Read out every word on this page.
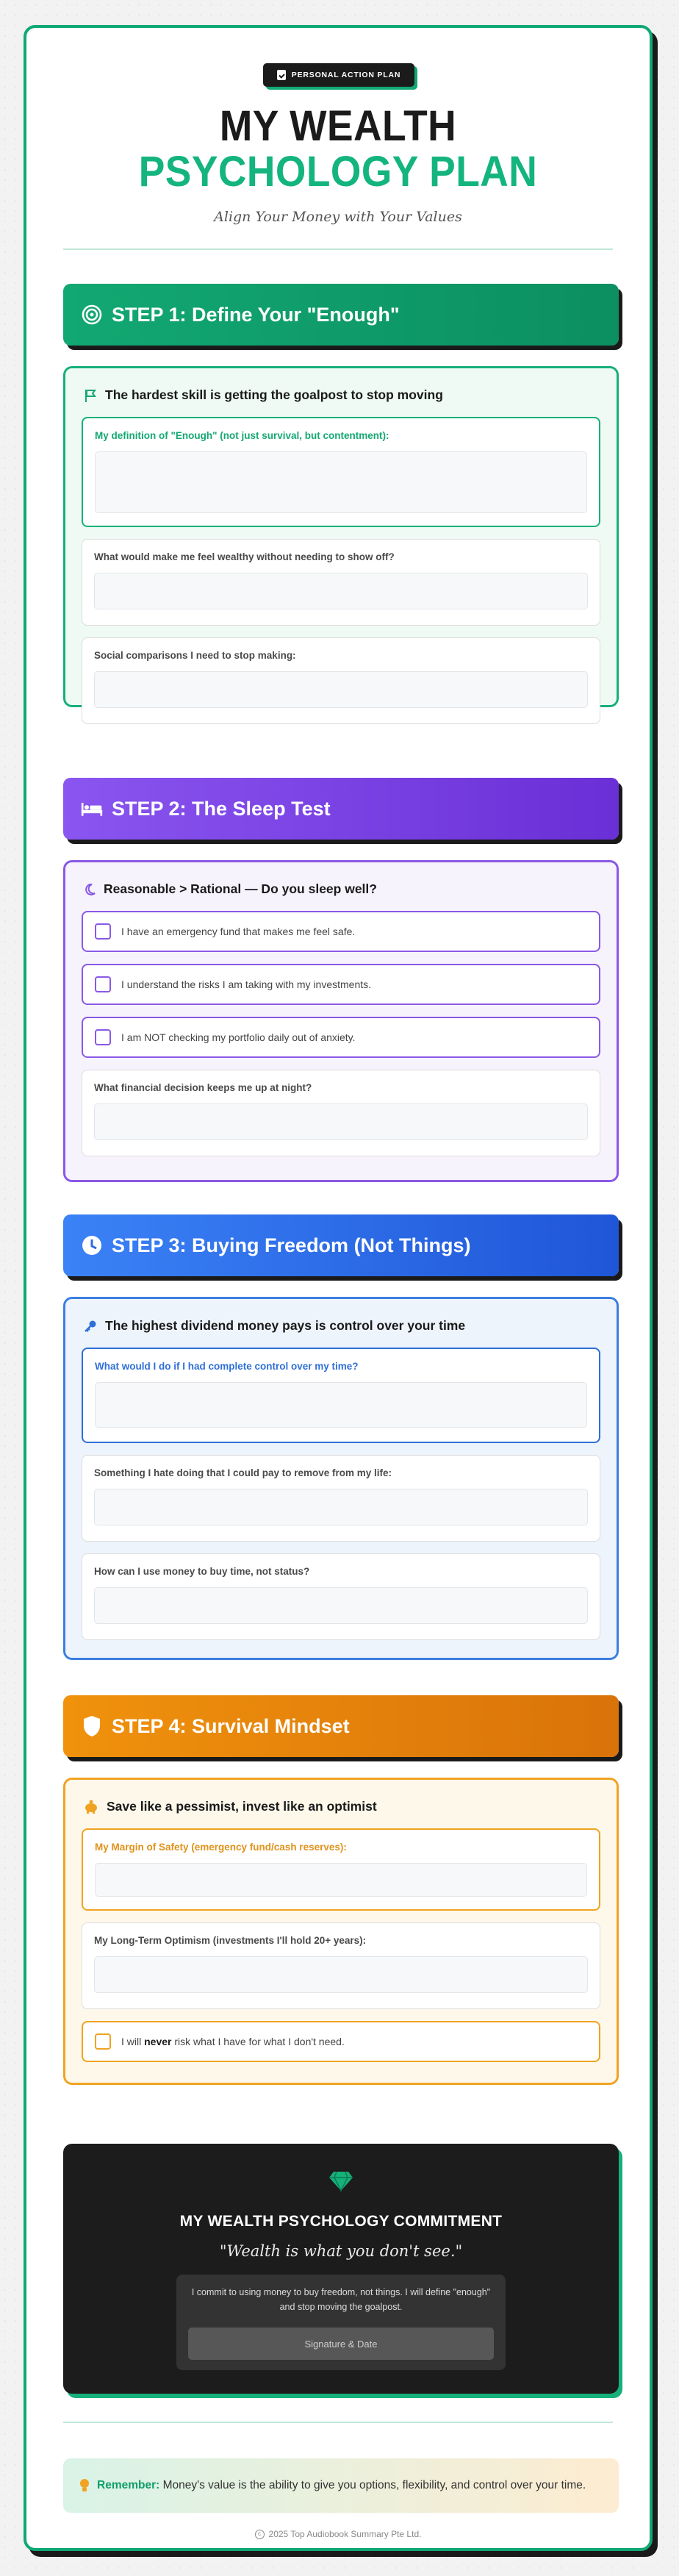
PERSONAL ACTION PLAN
MY WEALTH
PSYCHOLOGY PLAN
Align Your Money with Your Values
STEP 1: Define Your "Enough"
The hardest skill is getting the goalpost to stop moving
My definition of "Enough" (not just survival, but contentment):
What would make me feel wealthy without needing to show off?
Social comparisons I need to stop making:
STEP 2: The Sleep Test
Reasonable > Rational — Do you sleep well?
I have an emergency fund that makes me feel safe.
I understand the risks I am taking with my investments.
I am NOT checking my portfolio daily out of anxiety.
What financial decision keeps me up at night?
STEP 3: Buying Freedom (Not Things)
The highest dividend money pays is control over your time
What would I do if I had complete control over my time?
Something I hate doing that I could pay to remove from my life:
How can I use money to buy time, not status?
STEP 4: Survival Mindset
Save like a pessimist, invest like an optimist
My Margin of Safety (emergency fund/cash reserves):
My Long-Term Optimism (investments I'll hold 20+ years):
I will never risk what I have for what I don't need.
MY WEALTH PSYCHOLOGY COMMITMENT
"Wealth is what you don't see."
I commit to using money to buy freedom, not things. I will define "enough" and stop moving the goalpost.
Signature & Date
Remember: Money's value is the ability to give you options, flexibility, and control over your time.
c 2025 Top Audiobook Summary Pte Ltd.
